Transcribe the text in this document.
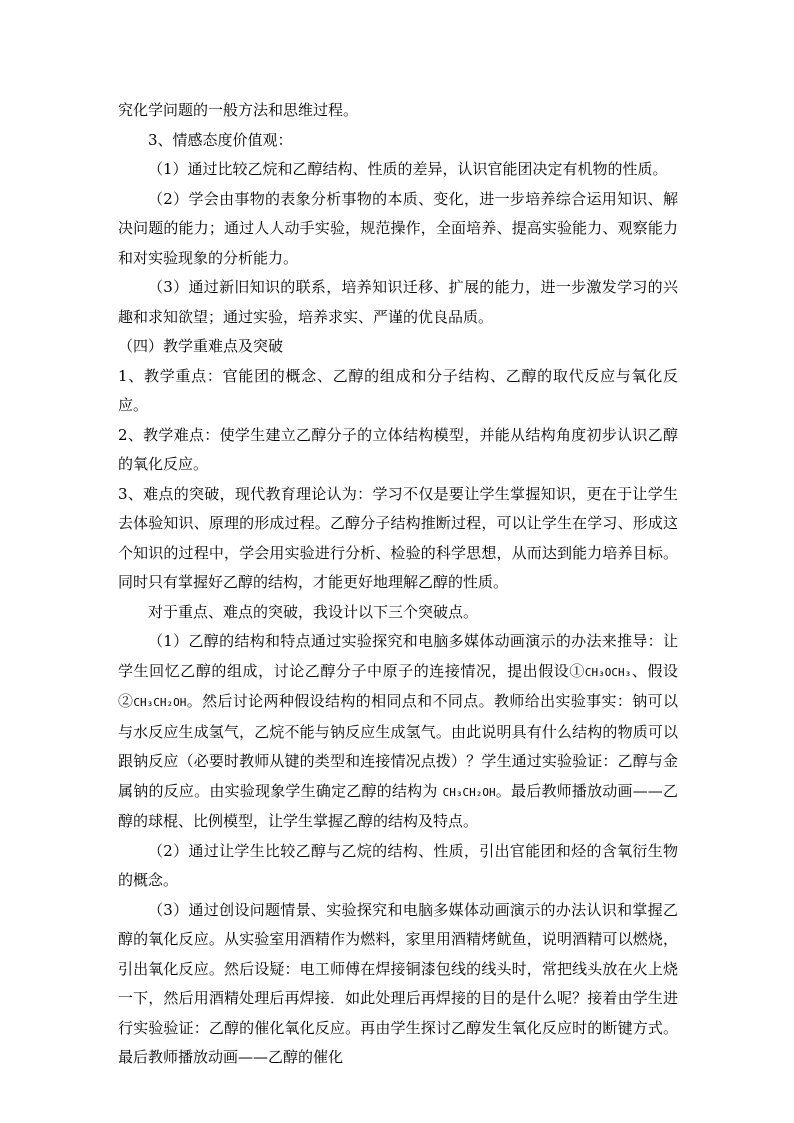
究化学问题的一般方法和思维过程。

3、情感态度价值观：

（1）通过比较乙烷和乙醇结构、性质的差异，认识官能团决定有机物的性质。

（2）学会由事物的表象分析事物的本质、变化，进一步培养综合运用知识、解决问题的能力；通过人人动手实验，规范操作，全面培养、提高实验能力、观察能力和对实验现象的分析能力。

（3）通过新旧知识的联系，培养知识迁移、扩展的能力，进一步激发学习的兴趣和求知欲望；通过实验，培养求实、严谨的优良品质。

（四）教学重难点及突破

1、教学重点：官能团的概念、乙醇的组成和分子结构、乙醇的取代反应与氧化反应。

2、教学难点：使学生建立乙醇分子的立体结构模型，并能从结构角度初步认识乙醇的氧化反应。

3、难点的突破，现代教育理论认为：学习不仅是要让学生掌握知识，更在于让学生去体验知识、原理的形成过程。乙醇分子结构推断过程，可以让学生在学习、形成这个知识的过程中，学会用实验进行分析、检验的科学思想，从而达到能力培养目标。同时只有掌握好乙醇的结构，才能更好地理解乙醇的性质。

对于重点、难点的突破，我设计以下三个突破点。

（1）乙醇的结构和特点通过实验探究和电脑多媒体动画演示的办法来推导：让学生回忆乙醇的组成，讨论乙醇分子中原子的连接情况，提出假设①CH₃OCH₃、假设②CH₃CH₂OH。然后讨论两种假设结构的相同点和不同点。教师给出实验事实：钠可以与水反应生成氢气，乙烷不能与钠反应生成氢气。由此说明具有什么结构的物质可以跟钠反应（必要时教师从键的类型和连接情况点拨）？学生通过实验验证：乙醇与金属钠的反应。由实验现象学生确定乙醇的结构为 CH₃CH₂OH。最后教师播放动画——乙醇的球棍、比例模型，让学生掌握乙醇的结构及特点。

（2）通过让学生比较乙醇与乙烷的结构、性质，引出官能团和烃的含氧衍生物的概念。

（3）通过创设问题情景、实验探究和电脑多媒体动画演示的办法认识和掌握乙醇的氧化反应。从实验室用酒精作为燃料，家里用酒精烤鱿鱼，说明酒精可以燃烧，引出氧化反应。然后设疑：电工师傅在焊接铜漆包线的线头时，常把线头放在火上烧一下，然后用酒精处理后再焊接．如此处理后再焊接的目的是什么呢？接着由学生进行实验验证：乙醇的催化氧化反应。再由学生探讨乙醇发生氧化反应时的断键方式。最后教师播放动画——乙醇的催化
